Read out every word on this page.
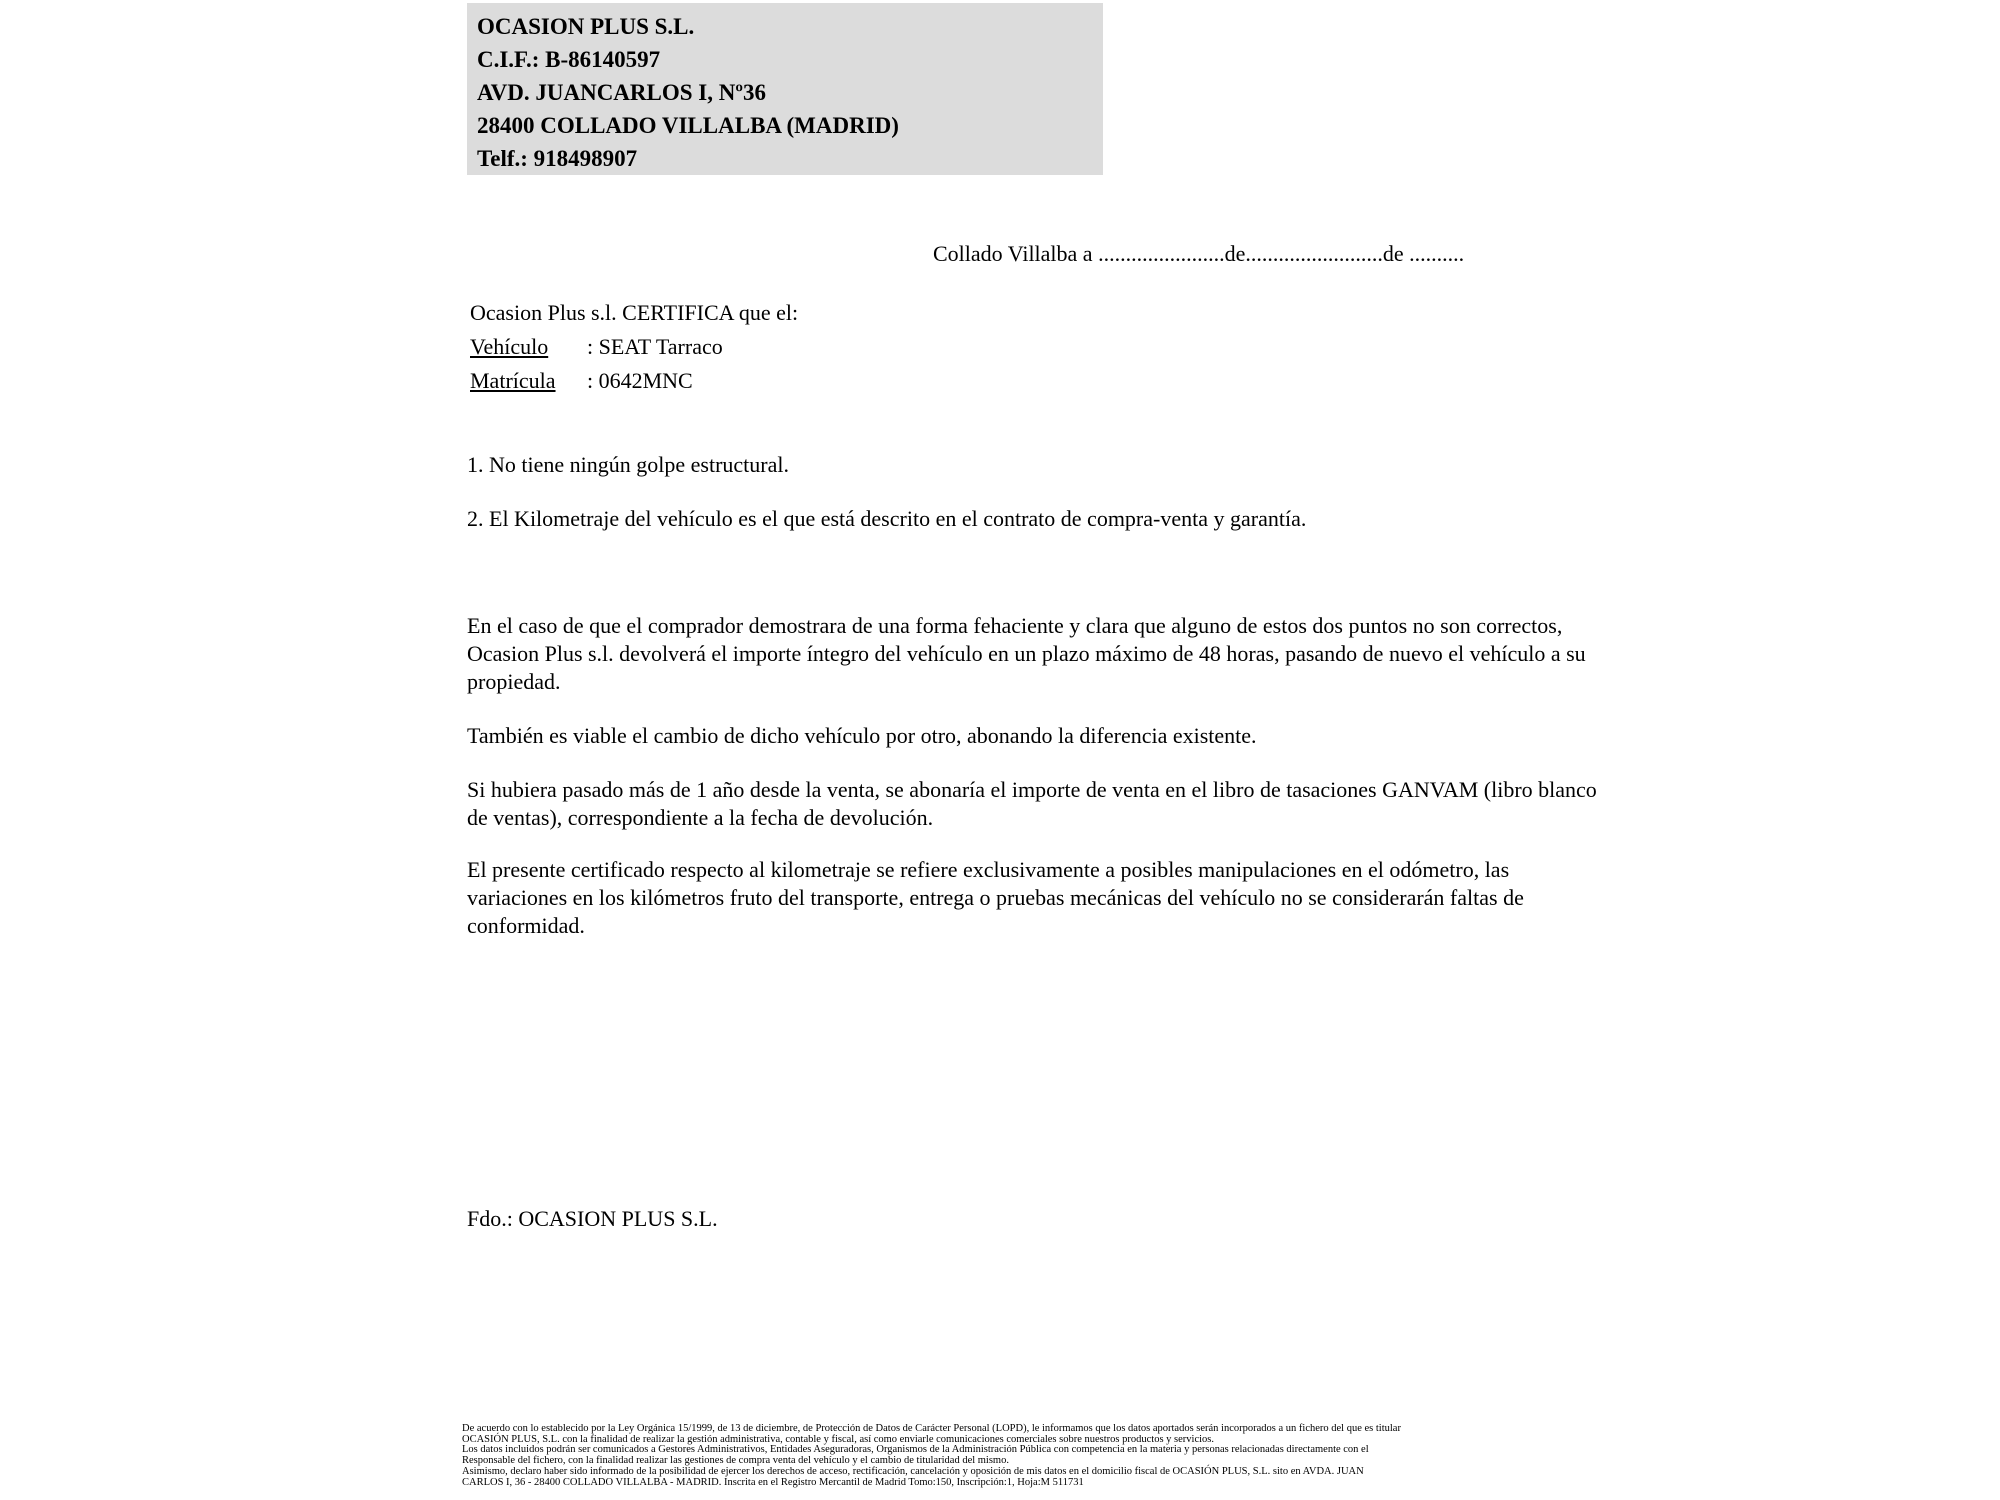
OCASION PLUS S.L.
C.I.F.: B-86140597
AVD. JUANCARLOS I, Nº36
28400 COLLADO VILLALBA (MADRID)
Telf.: 918498907
Collado Villalba a .......................de.........................de ..........
Ocasion Plus s.l. CERTIFICA que el:
Vehículo : SEAT Tarraco
Matrícula : 0642MNC
1. No tiene ningún golpe estructural.
2. El Kilometraje del vehículo es el que está descrito en el contrato de compra-venta y garantía.
En el caso de que el comprador demostrara de una forma fehaciente y clara que alguno de estos dos puntos no son correctos, Ocasion Plus s.l. devolverá el importe íntegro del vehículo en un plazo máximo de 48 horas, pasando de nuevo el vehículo a su propiedad.
También es viable el cambio de dicho vehículo por otro, abonando la diferencia existente.
Si hubiera pasado más de 1 año desde la venta, se abonaría el importe de venta en el libro de tasaciones GANVAM (libro blanco de ventas), correspondiente a la fecha de devolución.
El presente certificado respecto al kilometraje se refiere exclusivamente a posibles manipulaciones en el odómetro, las variaciones en los kilómetros fruto del transporte, entrega o pruebas mecánicas del vehículo no se considerarán faltas de conformidad.
Fdo.: OCASION PLUS S.L.
De acuerdo con lo establecido por la Ley Orgánica 15/1999, de 13 de diciembre, de Protección de Datos de Carácter Personal (LOPD), le informamos que los datos aportados serán incorporados a un fichero del que es titular
OCASIÓN PLUS, S.L. con la finalidad de realizar la gestión administrativa, contable y fiscal, así como enviarle comunicaciones comerciales sobre nuestros productos y servicios.
Los datos incluidos podrán ser comunicados a Gestores Administrativos, Entidades Aseguradoras, Organismos de la Administración Pública con competencia en la materia y personas relacionadas directamente con el
Responsable del fichero, con la finalidad realizar las gestiones de compra venta del vehículo y el cambio de titularidad del mismo.
Asimismo, declaro haber sido informado de la posibilidad de ejercer los derechos de acceso, rectificación, cancelación y oposición de mis datos en el domicilio fiscal de OCASIÓN PLUS, S.L. sito en AVDA. JUAN
CARLOS I, 36 - 28400 COLLADO VILLALBA - MADRID. Inscrita en el Registro Mercantil de Madrid Tomo:150, Inscripción:1, Hoja:M 511731
